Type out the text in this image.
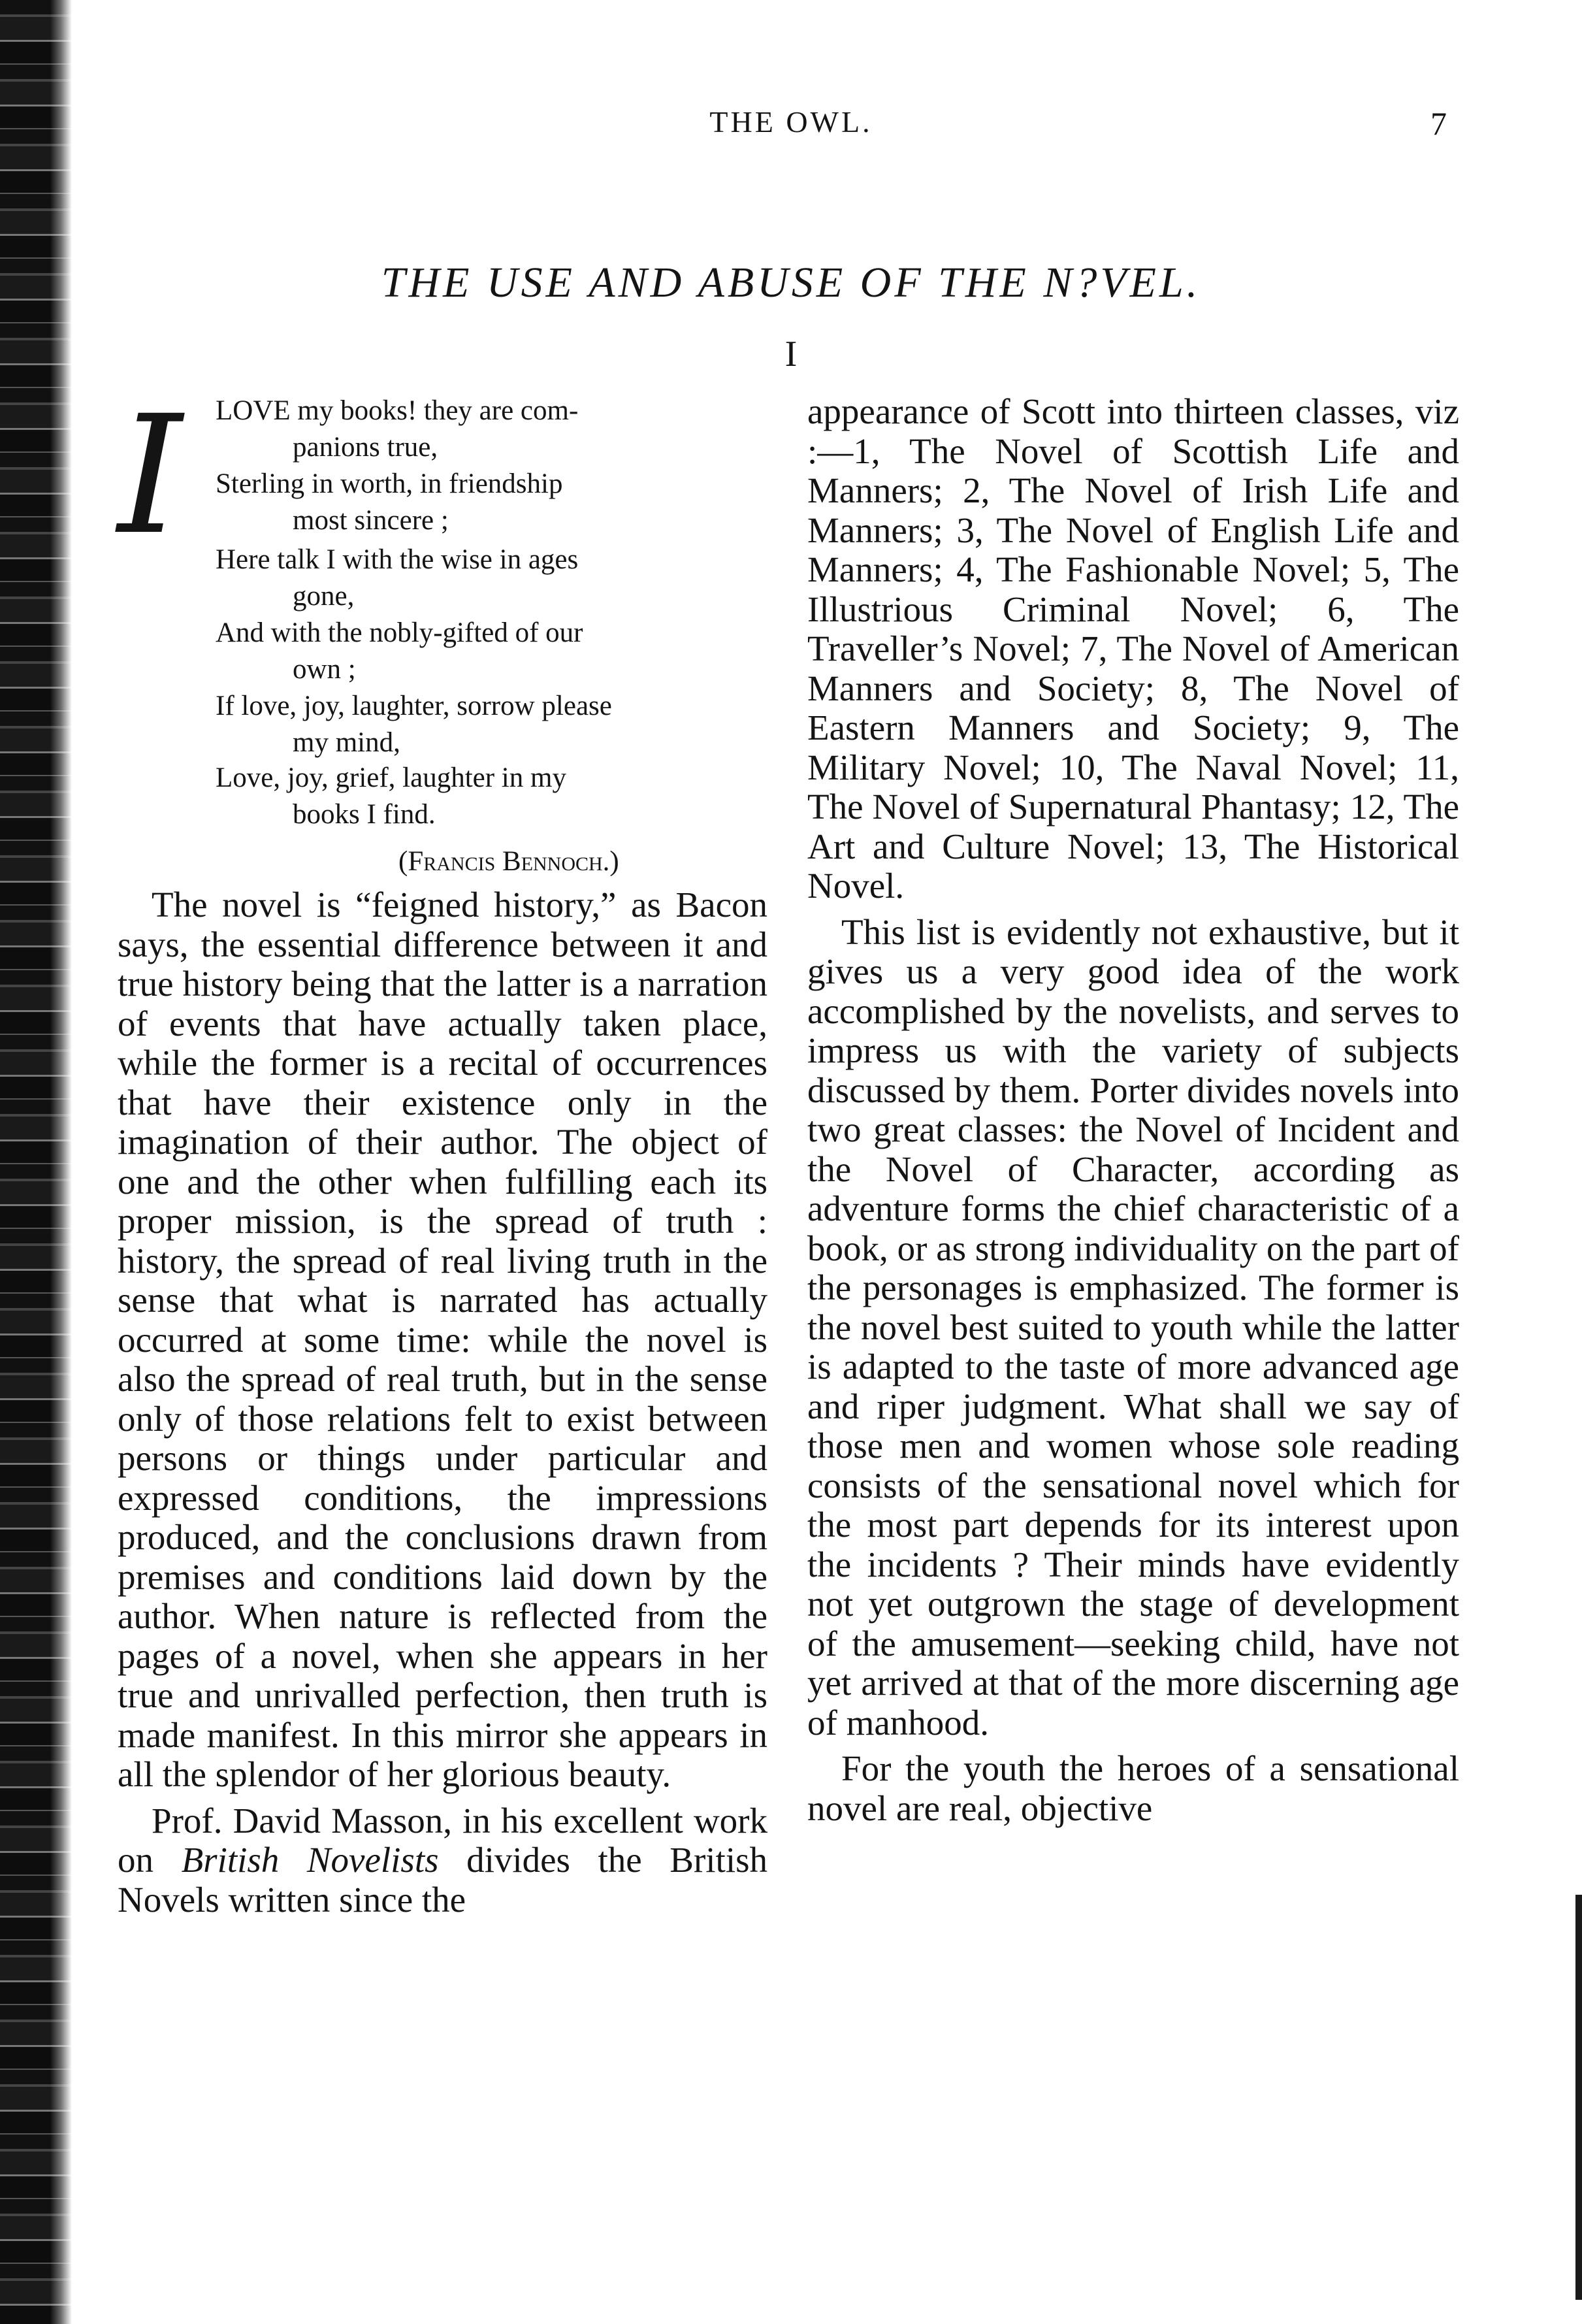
THE OWL.	7
THE USE AND ABUSE OF THE N?VEL.
I
I	LOVE my books! they are com-
panions true,
Sterling in worth, in friendship
most sincere ;
Here talk I with the wise in ages
gone,
And with the nobly-gifted of our
own ;
If love, joy, laughter, sorrow please
my mind,
Love, joy, grief, laughter in my
books I find.
(Francis Bennoch.)

The novel is “feigned history,” as Bacon says, the essential difference between it and true history being that the latter is a narration of events that have actually taken place, while the former is a recital of occurrences that have their existence only in the imagination of their author. The object of one and the other when fulfilling each its proper mission, is the spread of truth : history, the spread of real living truth in the sense that what is narrated has actually occurred at some time: while the novel is also the spread of real truth, but in the sense only of those relations felt to exist between persons or things under particular and expressed conditions, the impressions produced, and the conclusions drawn from premises and conditions laid down by the author. When nature is reflected from the pages of a novel, when she appears in her true and unrivalled perfection, then truth is made manifest. In this mirror she appears in all the splendor of her glorious beauty.

Prof. David Masson, in his excellent work on British Novelists divides the British Novels written since the

appearance of Scott into thirteen classes, viz :—1, The Novel of Scottish Life and Manners; 2, The Novel of Irish Life and Manners; 3, The Novel of English Life and Manners; 4, The Fashionable Novel; 5, The Illustrious Criminal Novel; 6, The Traveller’s Novel; 7, The Novel of American Manners and Society; 8, The Novel of Eastern Manners and Society; 9, The Military Novel; 10, The Naval Novel; 11, The Novel of Supernatural Phantasy; 12, The Art and Culture Novel; 13, The Historical Novel.

This list is evidently not exhaustive, but it gives us a very good idea of the work accomplished by the novelists, and serves to impress us with the variety of subjects discussed by them. Porter divides novels into two great classes: the Novel of Incident and the Novel of Character, according as adventure forms the chief characteristic of a book, or as strong individuality on the part of the personages is emphasized. The former is the novel best suited to youth while the latter is adapted to the taste of more advanced age and riper judgment. What shall we say of those men and women whose sole reading consists of the sensational novel which for the most part depends for its interest upon the incidents ? Their minds have evidently not yet outgrown the stage of development of the amusement—seeking child, have not yet arrived at that of the more discerning age of manhood.

For the youth the heroes of a sensational novel are real, objective
